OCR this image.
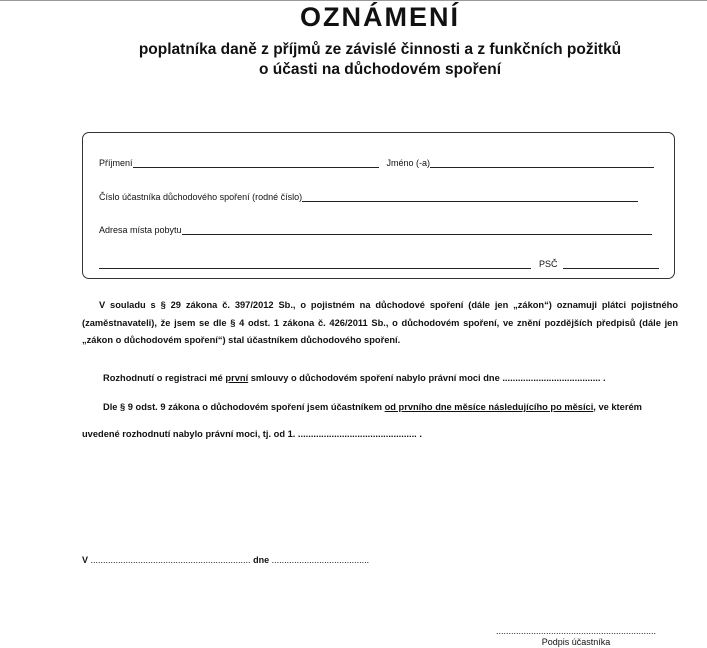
OZNÁMENÍ
poplatníka daně z příjmů ze závislé činnosti a z funkčních požitků
o účasti na důchodovém spoření
Příjmení	Jméno (-a)
Číslo účastníka důchodového spoření (rodné číslo)
Adresa místa pobytu
PSČ
V souladu s § 29 zákona č. 397/2012 Sb., o pojistném na důchodové spoření (dále jen „zákon“) oznamuji plátci pojistného (zaměstnavateli), že jsem se dle § 4 odst. 1 zákona č. 426/2011 Sb., o důchodovém spoření, ve znění pozdějších předpisů (dále jen „zákon o důchodovém spoření“) stal účastníkem důchodového spoření.
Rozhodnutí o registraci mé první smlouvy o důchodovém spoření nabylo právní moci dne ...................................... .
Dle § 9 odst. 9 zákona o důchodovém spoření jsem účastníkem od prvního dne měsíce následujícího po měsíci, ve kterém
uvedené rozhodnutí nabylo právní moci, tj. od 1. .............................................. .
V ................................................................ dne .......................................
................................................................
Podpis účastníka
